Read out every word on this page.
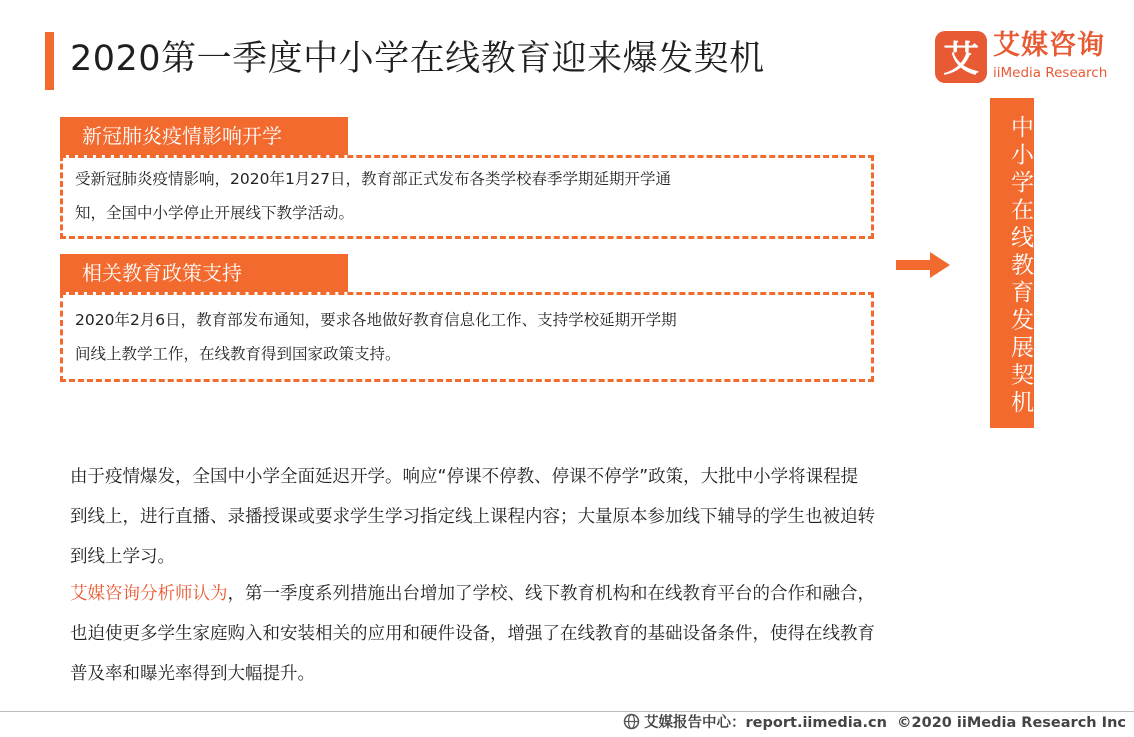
2020第一季度中小学在线教育迎来爆发契机	艾 艾媒咨询
iiMedia Research
新冠肺炎疫情影响开学
受新冠肺炎疫情影响，2020年1月27日，教育部正式发布各类学校春季学期延期开学通
知，全国中小学停止开展线下教学活动。
相关教育政策支持
2020年2月6日，教育部发布通知，要求各地做好教育信息化工作、支持学校延期开学期
间线上教学工作，在线教育得到国家政策支持。	中小学在线教育发展契机
由于疫情爆发，全国中小学全面延迟开学。响应“停课不停教、停课不停学”政策，大批中小学将课程提
到线上，进行直播、录播授课或要求学生学习指定线上课程内容；大量原本参加线下辅导的学生也被迫转
到线上学习。
艾媒咨询分析师认为，第一季度系列措施出台增加了学校、线下教育机构和在线教育平台的合作和融合，
也迫使更多学生家庭购入和安装相关的应用和硬件设备，增强了在线教育的基础设备条件，使得在线教育
普及率和曝光率得到大幅提升。
艾媒报告中心：report.iimedia.cn ©2020 iiMedia Research Inc
